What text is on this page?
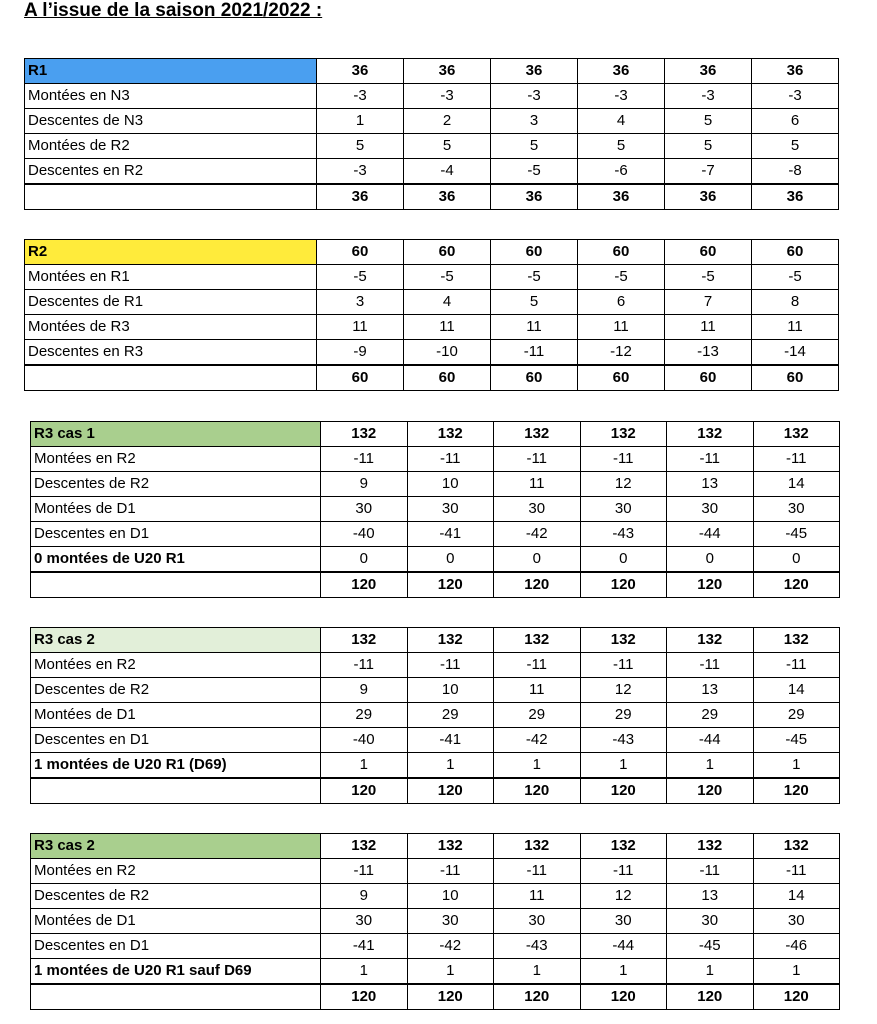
A l’issue de la saison 2021/2022 :
R1	36	36	36	36	36	36
Montées en N3	-3	-3	-3	-3	-3	-3
Descentes de N3	1	2	3	4	5	6
Montées de R2	5	5	5	5	5	5
Descentes en R2	-3	-4	-5	-6	-7	-8
	36	36	36	36	36	36
R2	60	60	60	60	60	60
Montées en R1	-5	-5	-5	-5	-5	-5
Descentes de R1	3	4	5	6	7	8
Montées de R3	11	11	11	11	11	11
Descentes en R3	-9	-10	-11	-12	-13	-14
	60	60	60	60	60	60
R3 cas 1	132	132	132	132	132	132
Montées en R2	-11	-11	-11	-11	-11	-11
Descentes de R2	9	10	11	12	13	14
Montées de D1	30	30	30	30	30	30
Descentes en D1	-40	-41	-42	-43	-44	-45
0 montées de U20 R1	0	0	0	0	0	0
	120	120	120	120	120	120
R3 cas 2	132	132	132	132	132	132
Montées en R2	-11	-11	-11	-11	-11	-11
Descentes de R2	9	10	11	12	13	14
Montées de D1	29	29	29	29	29	29
Descentes en D1	-40	-41	-42	-43	-44	-45
1 montées de U20 R1 (D69)	1	1	1	1	1	1
	120	120	120	120	120	120
R3 cas 2	132	132	132	132	132	132
Montées en R2	-11	-11	-11	-11	-11	-11
Descentes de R2	9	10	11	12	13	14
Montées de D1	30	30	30	30	30	30
Descentes en D1	-41	-42	-43	-44	-45	-46
1 montées de U20 R1 sauf D69	1	1	1	1	1	1
	120	120	120	120	120	120
